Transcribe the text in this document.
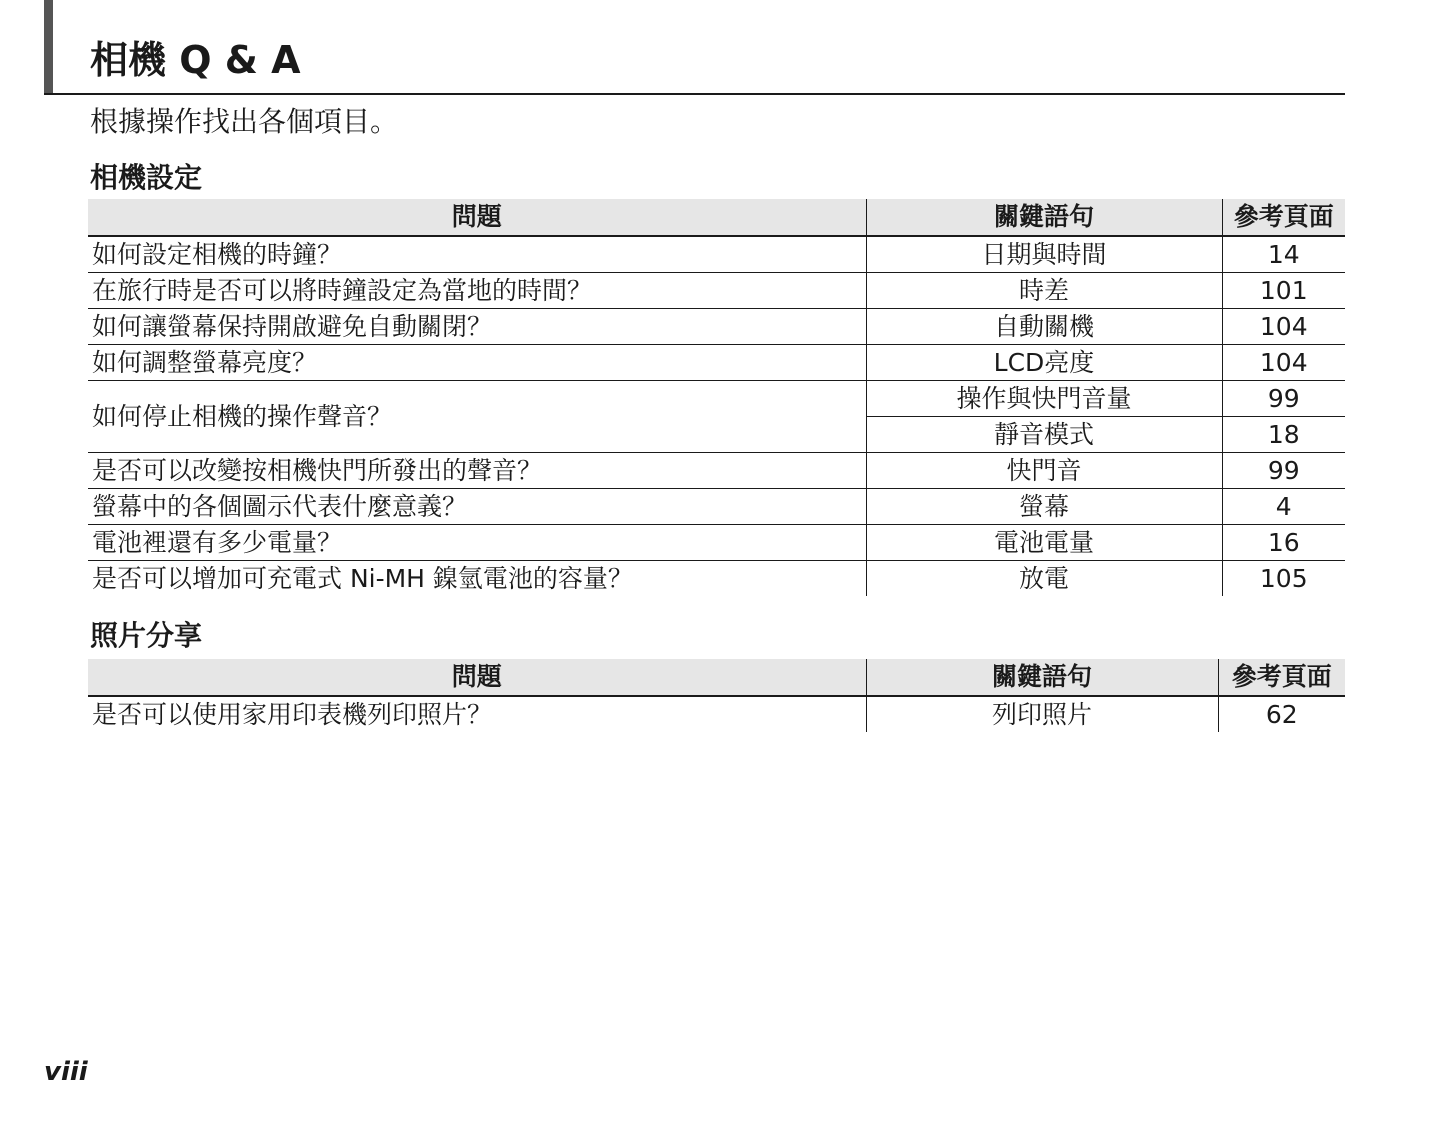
相機 Q & A
根據操作找出各個項目。
相機設定
問題	關鍵語句	參考頁面
如何設定相機的時鐘？	日期與時間	14
在旅行時是否可以將時鐘設定為當地的時間？	時差	101
如何讓螢幕保持開啟避免自動關閉？	自動關機	104
如何調整螢幕亮度？	LCD亮度	104
如何停止相機的操作聲音？	操作與快門音量	99
	靜音模式	18
是否可以改變按相機快門所發出的聲音？	快門音	99
螢幕中的各個圖示代表什麼意義？	螢幕	4
電池裡還有多少電量？	電池電量	16
是否可以增加可充電式 Ni-MH 鎳氫電池的容量？	放電	105
照片分享
問題	關鍵語句	參考頁面
是否可以使用家用印表機列印照片？	列印照片	62
viii
